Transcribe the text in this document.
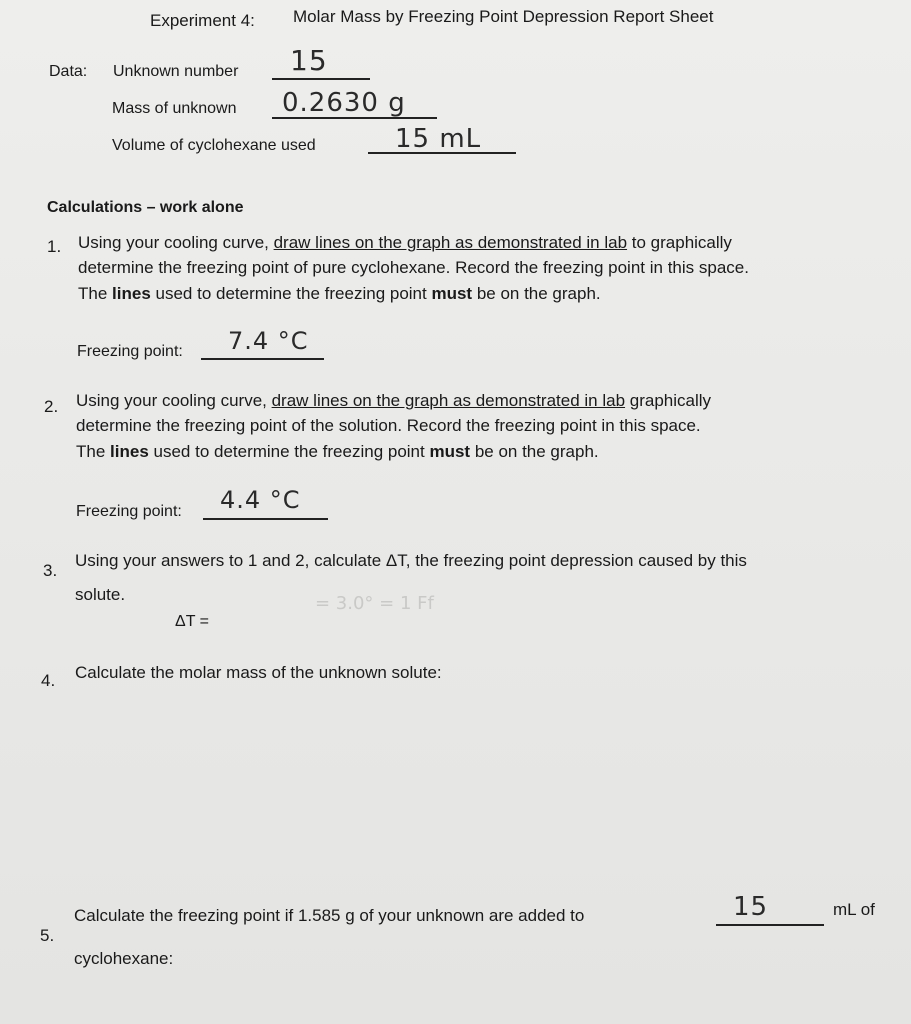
Experiment 4: Molar Mass by Freezing Point Depression Report Sheet
Data: Unknown number 15
Mass of unknown 0.2630 g
Volume of cyclohexane used	15 mL
Calculations – work alone
1. Using your cooling curve, draw lines on the graph as demonstrated in lab to graphically
determine the freezing point of pure cyclohexane. Record the freezing point in this space.
The lines used to determine the freezing point must be on the graph.
Freezing point: 7.4 °C
2. Using your cooling curve, draw lines on the graph as demonstrated in lab graphically
determine the freezing point of the solution. Record the freezing point in this space.
The lines used to determine the freezing point must be on the graph.
Freezing point: 4.4 °C
3.
Using your answers to 1 and 2, calculate ΔT, the freezing point depression caused by this
solute.
ΔT =
= 3.0° = 1 Ff
4. Calculate the molar mass of the unknown solute:
5.
Calculate the freezing point if 1.585 g of your unknown are added to	15	mL of
cyclohexane:
